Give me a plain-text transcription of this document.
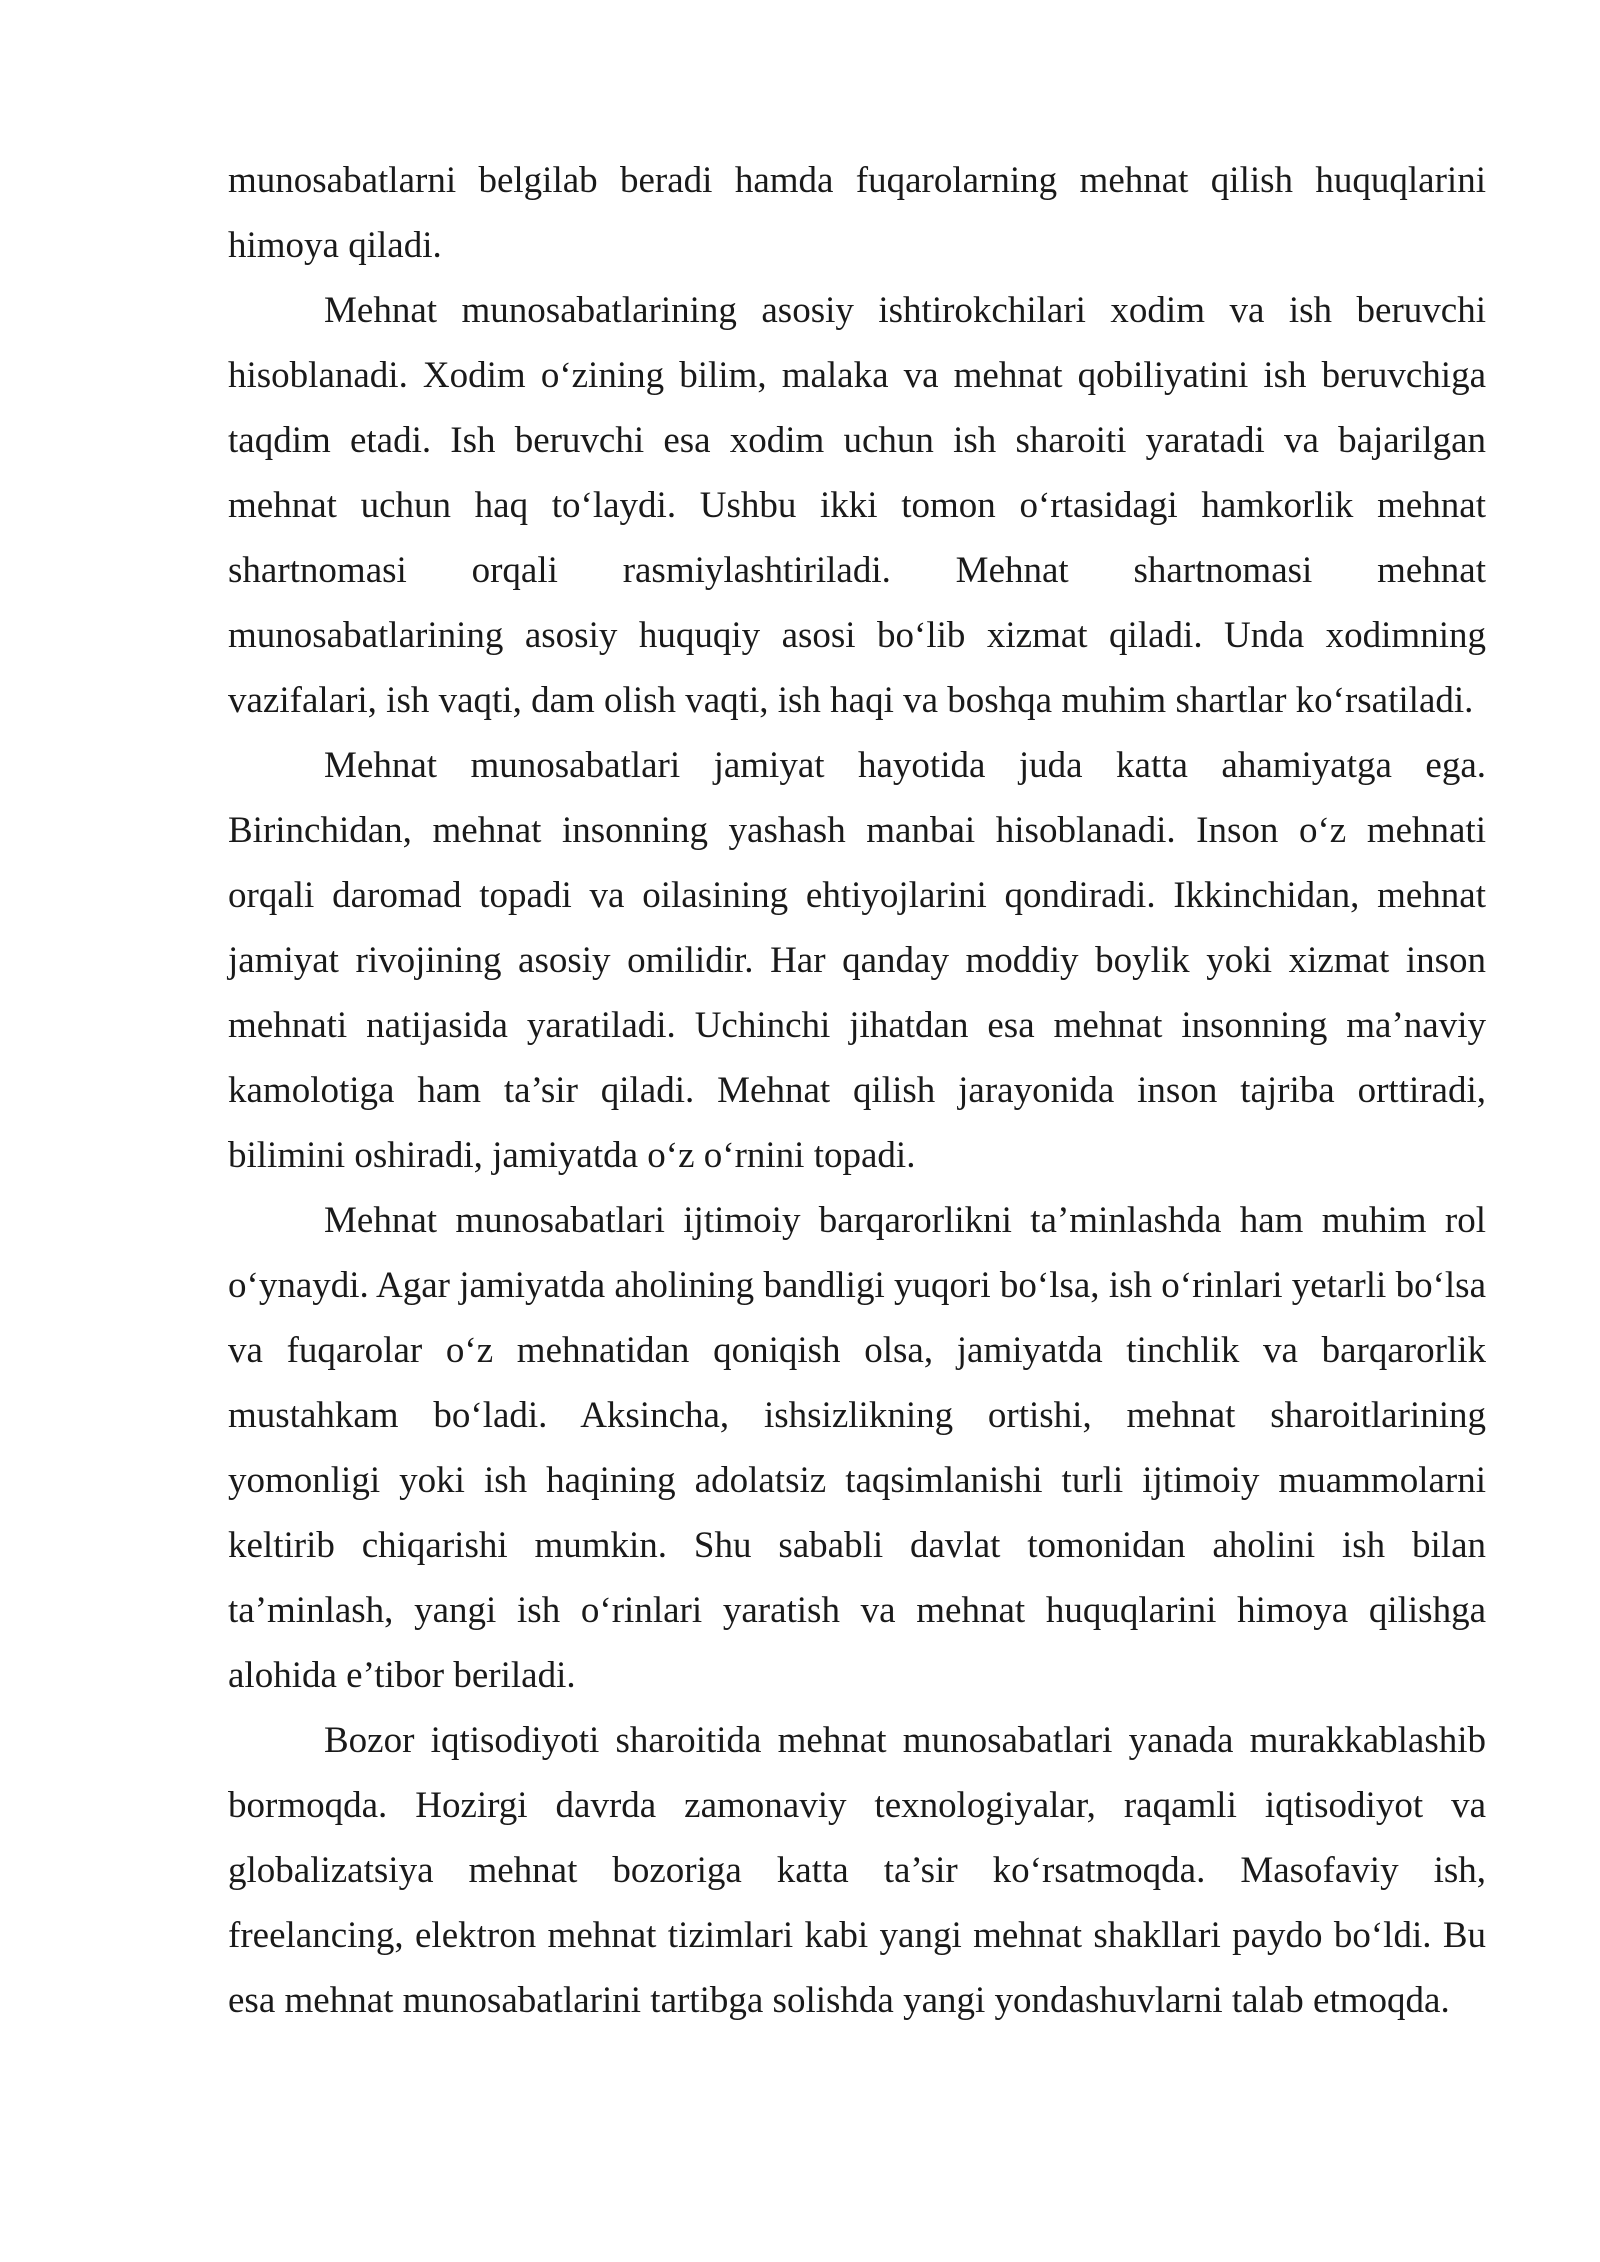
munosabatlarni belgilab beradi hamda fuqarolarning mehnat qilish huquqlarini himoya qiladi.

Mehnat munosabatlarining asosiy ishtirokchilari xodim va ish beruvchi hisoblanadi. Xodim o‘zining bilim, malaka va mehnat qobiliyatini ish beruvchiga taqdim etadi. Ish beruvchi esa xodim uchun ish sharoiti yaratadi va bajarilgan mehnat uchun haq to‘laydi. Ushbu ikki tomon o‘rtasidagi hamkorlik mehnat shartnomasi orqali rasmiylashtiriladi. Mehnat shartnomasi mehnat munosabatlarining asosiy huquqiy asosi bo‘lib xizmat qiladi. Unda xodimning vazifalari, ish vaqti, dam olish vaqti, ish haqi va boshqa muhim shartlar ko‘rsatiladi.

Mehnat munosabatlari jamiyat hayotida juda katta ahamiyatga ega. Birinchidan, mehnat insonning yashash manbai hisoblanadi. Inson o‘z mehnati orqali daromad topadi va oilasining ehtiyojlarini qondiradi. Ikkinchidan, mehnat jamiyat rivojining asosiy omilidir. Har qanday moddiy boylik yoki xizmat inson mehnati natijasida yaratiladi. Uchinchi jihatdan esa mehnat insonning ma’naviy kamolotiga ham ta’sir qiladi. Mehnat qilish jarayonida inson tajriba orttiradi, bilimini oshiradi, jamiyatda o‘z o‘rnini topadi.

Mehnat munosabatlari ijtimoiy barqarorlikni ta’minlashda ham muhim rol o‘ynaydi. Agar jamiyatda aholining bandligi yuqori bo‘lsa, ish o‘rinlari yetarli bo‘lsa va fuqarolar o‘z mehnatidan qoniqish olsa, jamiyatda tinchlik va barqarorlik mustahkam bo‘ladi. Aksincha, ishsizlikning ortishi, mehnat sharoitlarining yomonligi yoki ish haqining adolatsiz taqsimlanishi turli ijtimoiy muammolarni keltirib chiqarishi mumkin. Shu sababli davlat tomonidan aholini ish bilan ta’minlash, yangi ish o‘rinlari yaratish va mehnat huquqlarini himoya qilishga alohida e’tibor beriladi.

Bozor iqtisodiyoti sharoitida mehnat munosabatlari yanada murakkablashib bormoqda. Hozirgi davrda zamonaviy texnologiyalar, raqamli iqtisodiyot va globalizatsiya mehnat bozoriga katta ta’sir ko‘rsatmoqda. Masofaviy ish, freelancing, elektron mehnat tizimlari kabi yangi mehnat shakllari paydo bo‘ldi. Bu esa mehnat munosabatlarini tartibga solishda yangi yondashuvlarni talab etmoqda.
